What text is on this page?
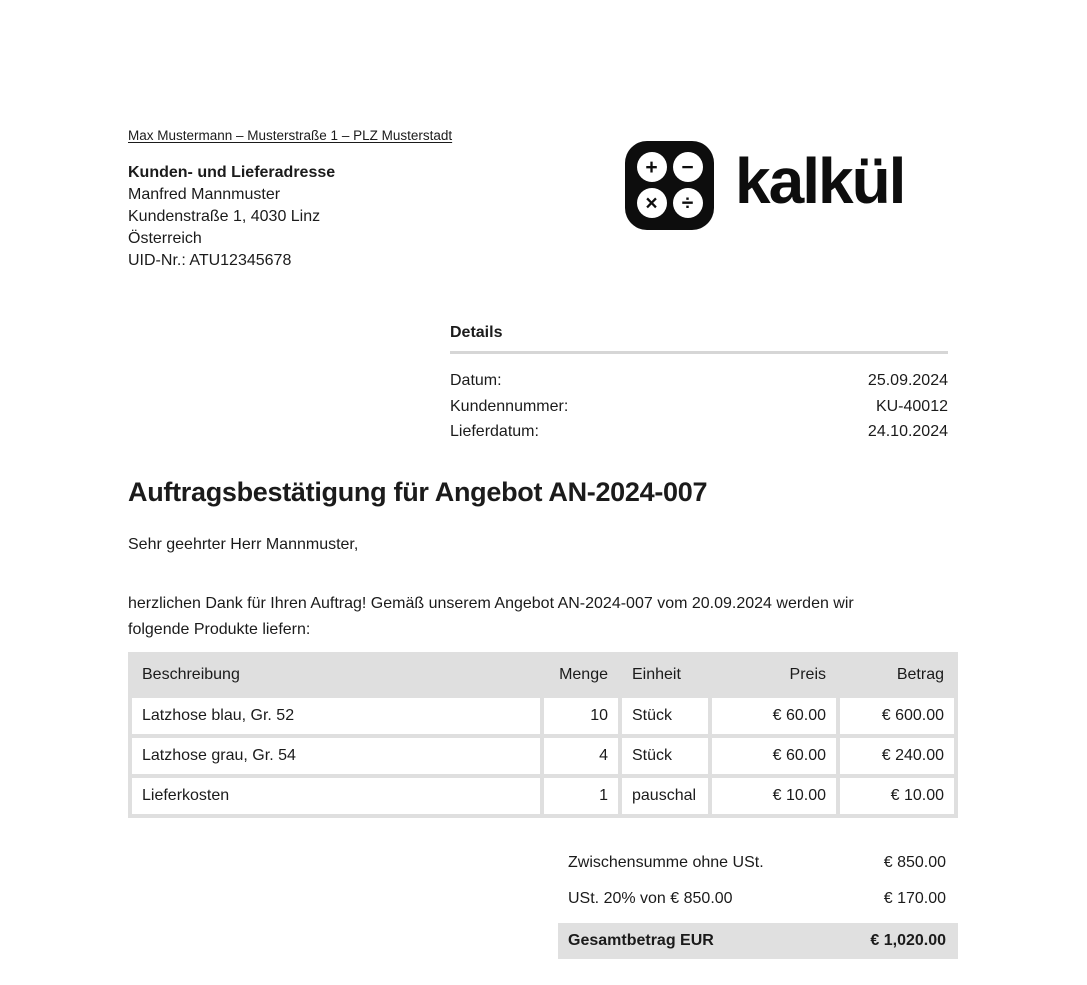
Max Mustermann – Musterstraße 1 – PLZ Musterstadt
Kunden- und Lieferadresse
Manfred Mannmuster
Kundenstraße 1, 4030 Linz
Österreich
UID-Nr.: ATU12345678
+	−
×	÷ kalkül
Details
Datum:	25.09.2024
Kundennummer:	KU-40012
Lieferdatum:	24.10.2024
Auftragsbestätigung für Angebot AN-2024-007
Sehr geehrter Herr Mannmuster,
herzlichen Dank für Ihren Auftrag! Gemäß unserem Angebot AN-2024-007 vom 20.09.2024 werden wir
folgende Produkte liefern:
Beschreibung	Menge	Einheit	Preis	Betrag
Latzhose blau, Gr. 52	10	Stück	€ 60.00	€ 600.00
Latzhose grau, Gr. 54	4	Stück	€ 60.00	€ 240.00
Lieferkosten	1	pauschal	€ 10.00	€ 10.00
Zwischensumme ohne USt.	€ 850.00
USt. 20% von € 850.00	€ 170.00
Gesamtbetrag EUR	€ 1,020.00
